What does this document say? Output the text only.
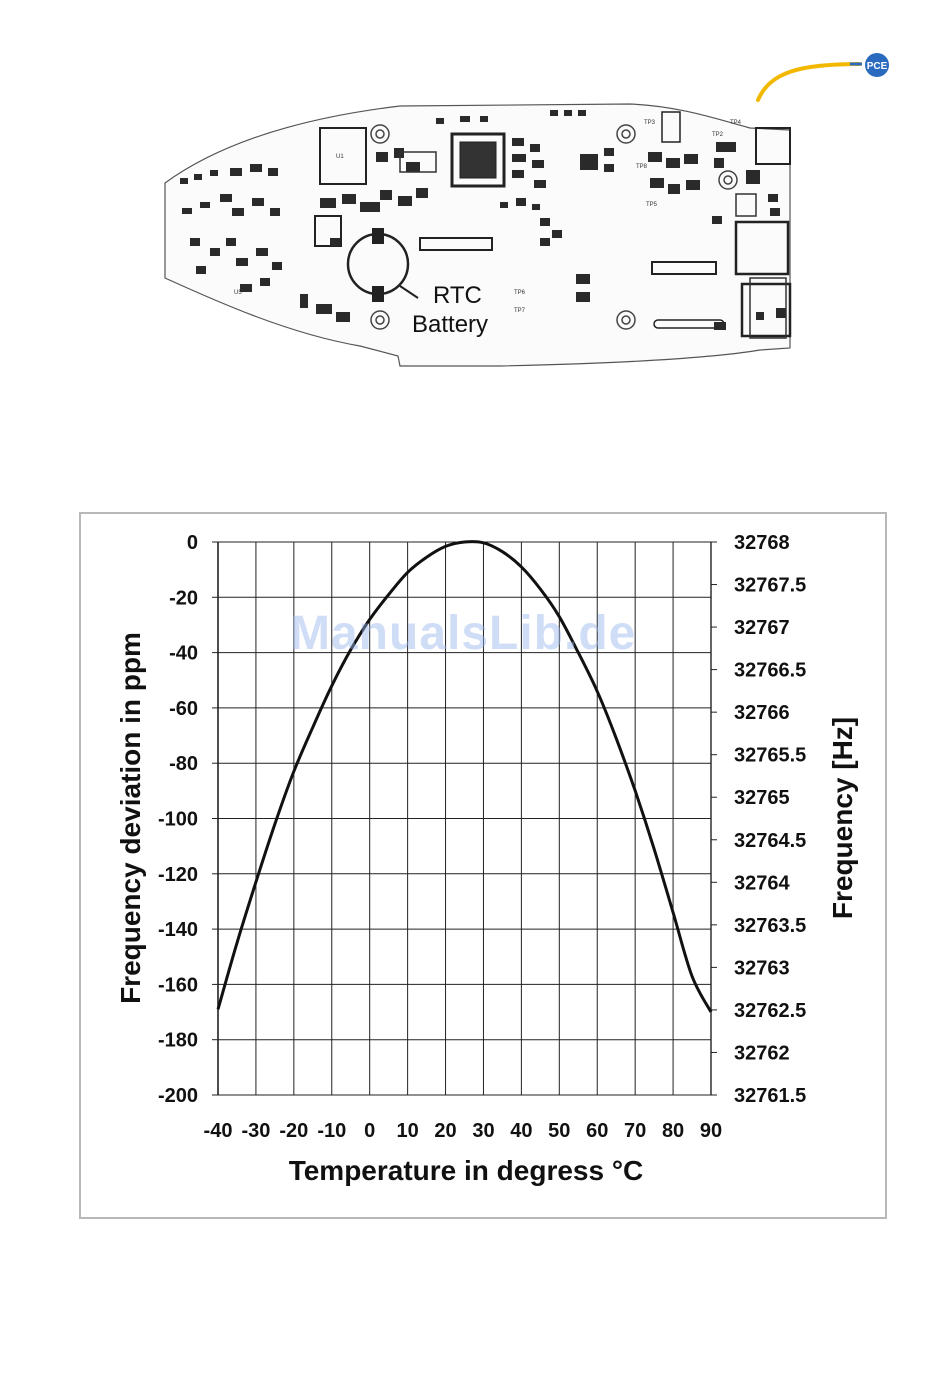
PCE
RTC
Battery
TP3
TP2
TP4
TP5
TP6
TP7
TP8
U1
U5
0
-20
-40
-60
-80
-100
-120
-140
-160
-180
-200
32768
32767.5
32767
32766.5
32766
32765.5
32765
32764.5
32764
32763.5
32763
32762.5
32762
32761.5
-40 -30 -20 -10 0 10 20 30 40 50 60 70 80 90
Temperature in degress °C
Frequency deviation in ppm	Frequency [Hz]
ManualsLib.de
